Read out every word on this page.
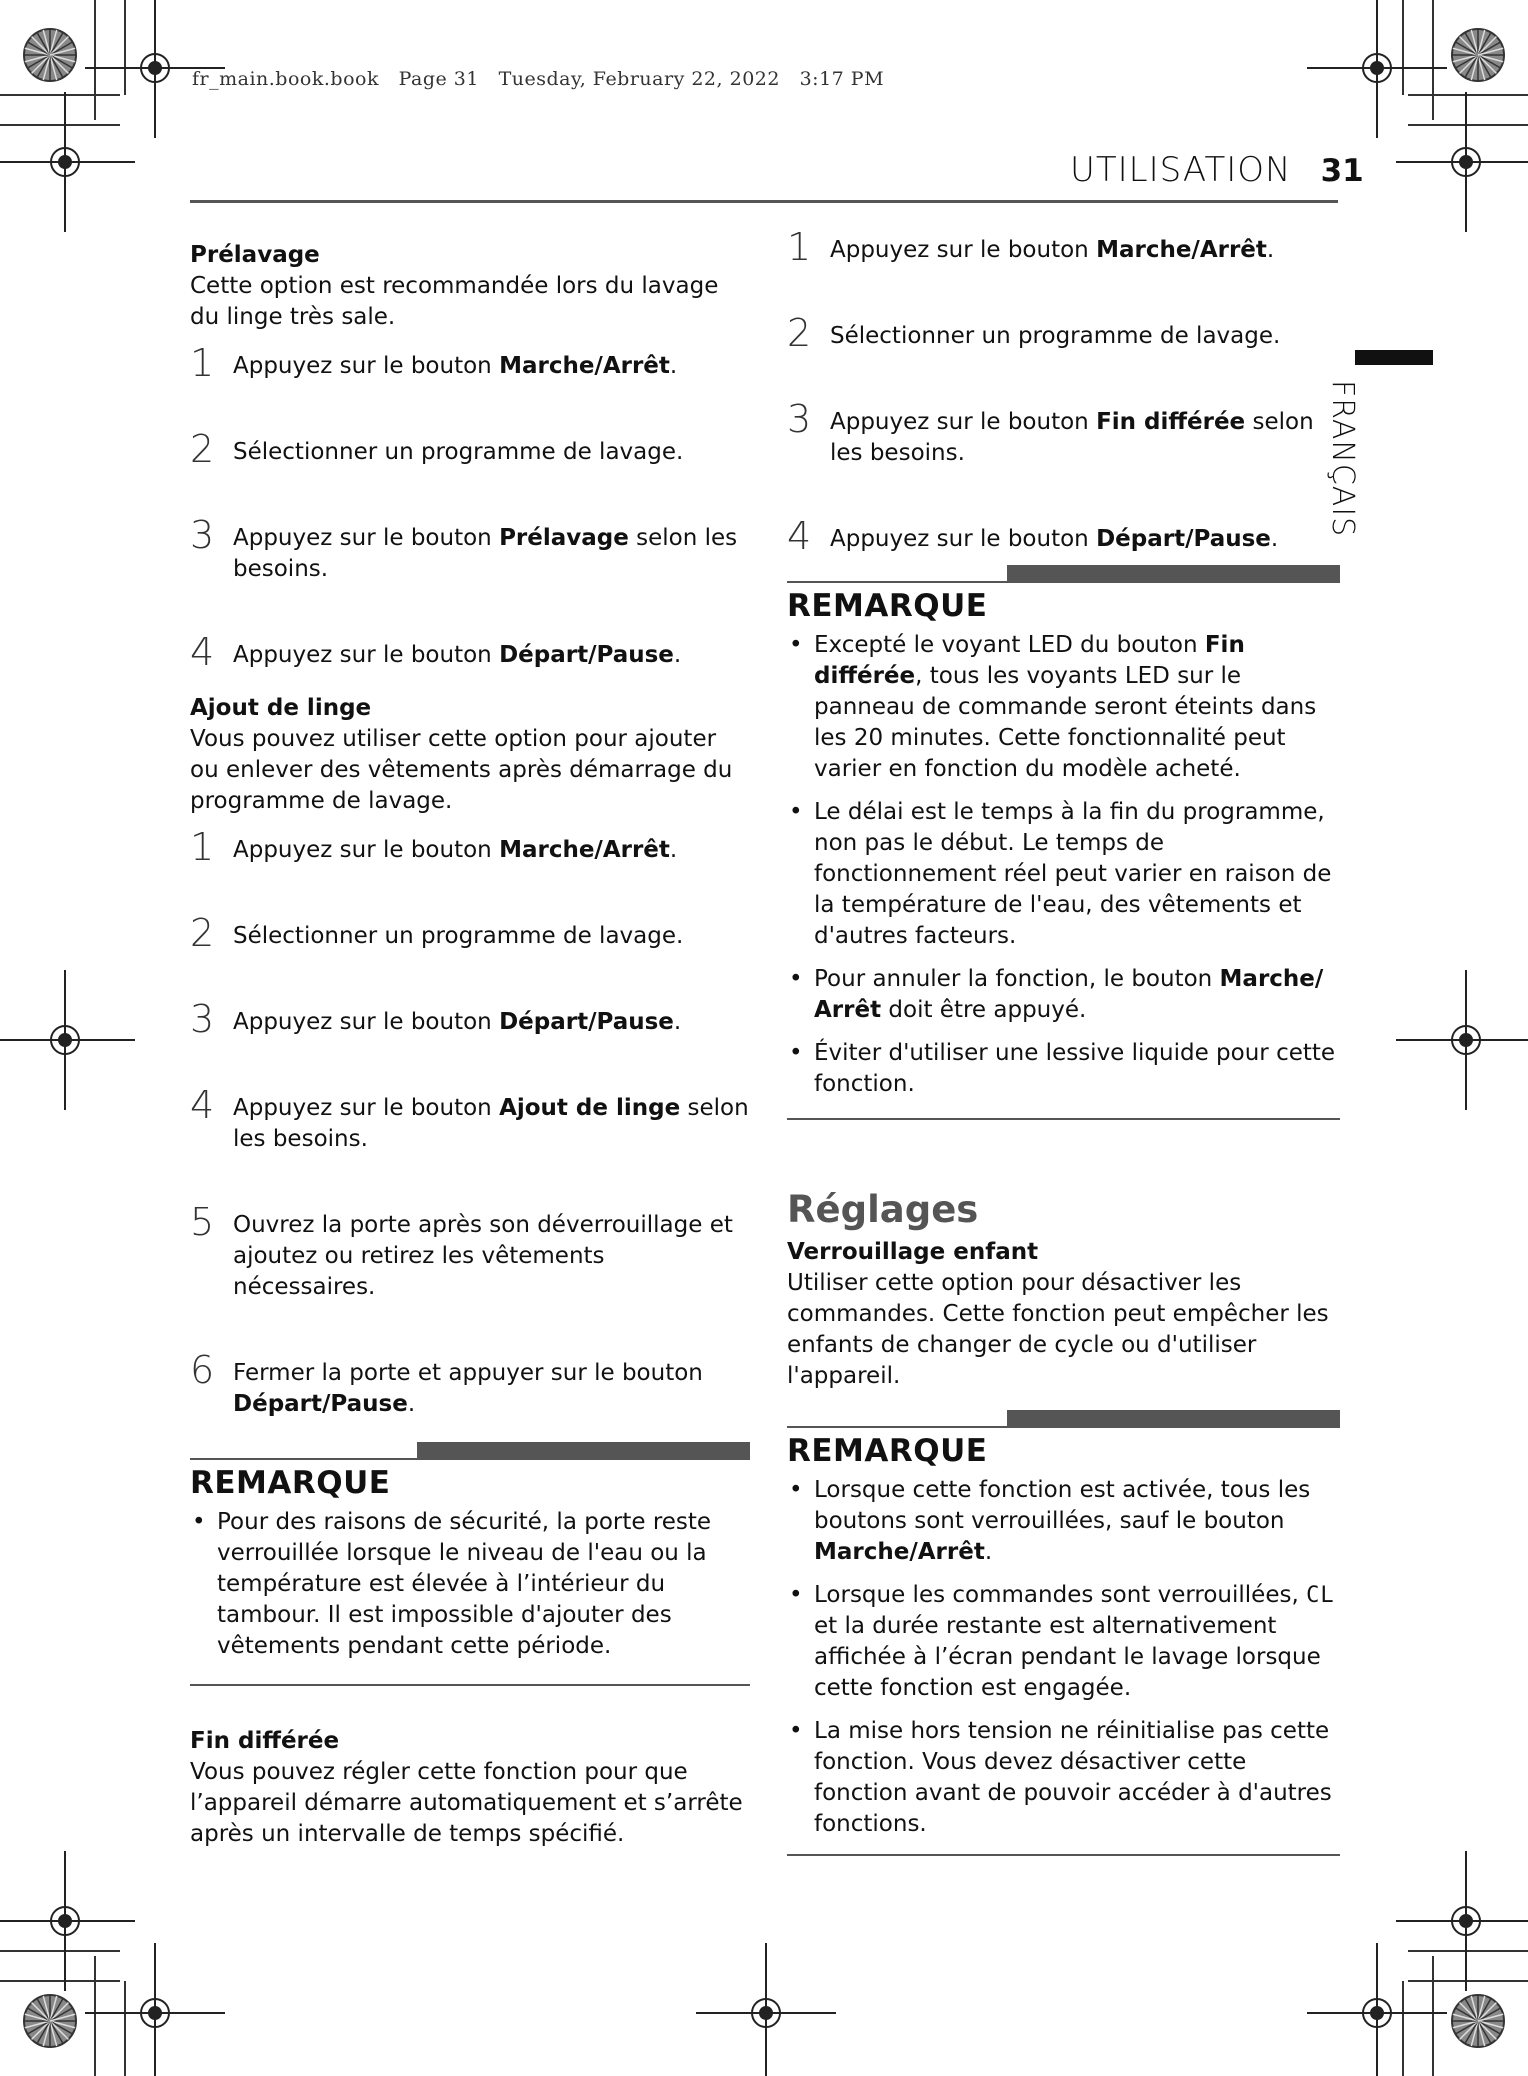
fr_main.book.book Page 31 Tuesday, February 22, 2022 3:17 PM
UTILISATION 31
FRANÇAIS

Prélavage

Cette option est recommandée lors du lavage du linge très sale.

1 Appuyez sur le bouton Marche/Arrêt.
2 Sélectionner un programme de lavage.
3 Appuyez sur le bouton Prélavage selon les besoins.
4 Appuyez sur le bouton Départ/Pause.

Ajout de linge

Vous pouvez utiliser cette option pour ajouter ou enlever des vêtements après démarrage du programme de lavage.

1 Appuyez sur le bouton Marche/Arrêt.
2 Sélectionner un programme de lavage.
3 Appuyez sur le bouton Départ/Pause.
4 Appuyez sur le bouton Ajout de linge selon les besoins.
5 Ouvrez la porte après son déverrouillage et ajoutez ou retirez les vêtements nécessaires.
6 Fermer la porte et appuyer sur le bouton Départ/Pause.

REMARQUE

• Pour des raisons de sécurité, la porte reste verrouillée lorsque le niveau de l'eau ou la température est élevée à l’intérieur du tambour. Il est impossible d'ajouter des vêtements pendant cette période.

Fin différée

Vous pouvez régler cette fonction pour que l’appareil démarre automatiquement et s’arrête après un intervalle de temps spécifié.

1 Appuyez sur le bouton Marche/Arrêt.
2 Sélectionner un programme de lavage.
3 Appuyez sur le bouton Fin différée selon les besoins.
4 Appuyez sur le bouton Départ/Pause.

REMARQUE

• Excepté le voyant LED du bouton Fin différée, tous les voyants LED sur le panneau de commande seront éteints dans les 20 minutes. Cette fonctionnalité peut varier en fonction du modèle acheté.

• Le délai est le temps à la fin du programme, non pas le début. Le temps de fonctionnement réel peut varier en raison de la température de l'eau, des vêtements et d'autres facteurs.

• Pour annuler la fonction, le bouton Marche/ Arrêt doit être appuyé.

• Éviter d'utiliser une lessive liquide pour cette fonction.

Réglages

Verrouillage enfant

Utiliser cette option pour désactiver les commandes. Cette fonction peut empêcher les enfants de changer de cycle ou d'utiliser l'appareil.

REMARQUE

• Lorsque cette fonction est activée, tous les boutons sont verrouillées, sauf le bouton Marche/Arrêt.

• Lorsque les commandes sont verrouillées, CL et la durée restante est alternativement affichée à l’écran pendant le lavage lorsque cette fonction est engagée.

• La mise hors tension ne réinitialise pas cette fonction. Vous devez désactiver cette fonction avant de pouvoir accéder à d'autres fonctions.
